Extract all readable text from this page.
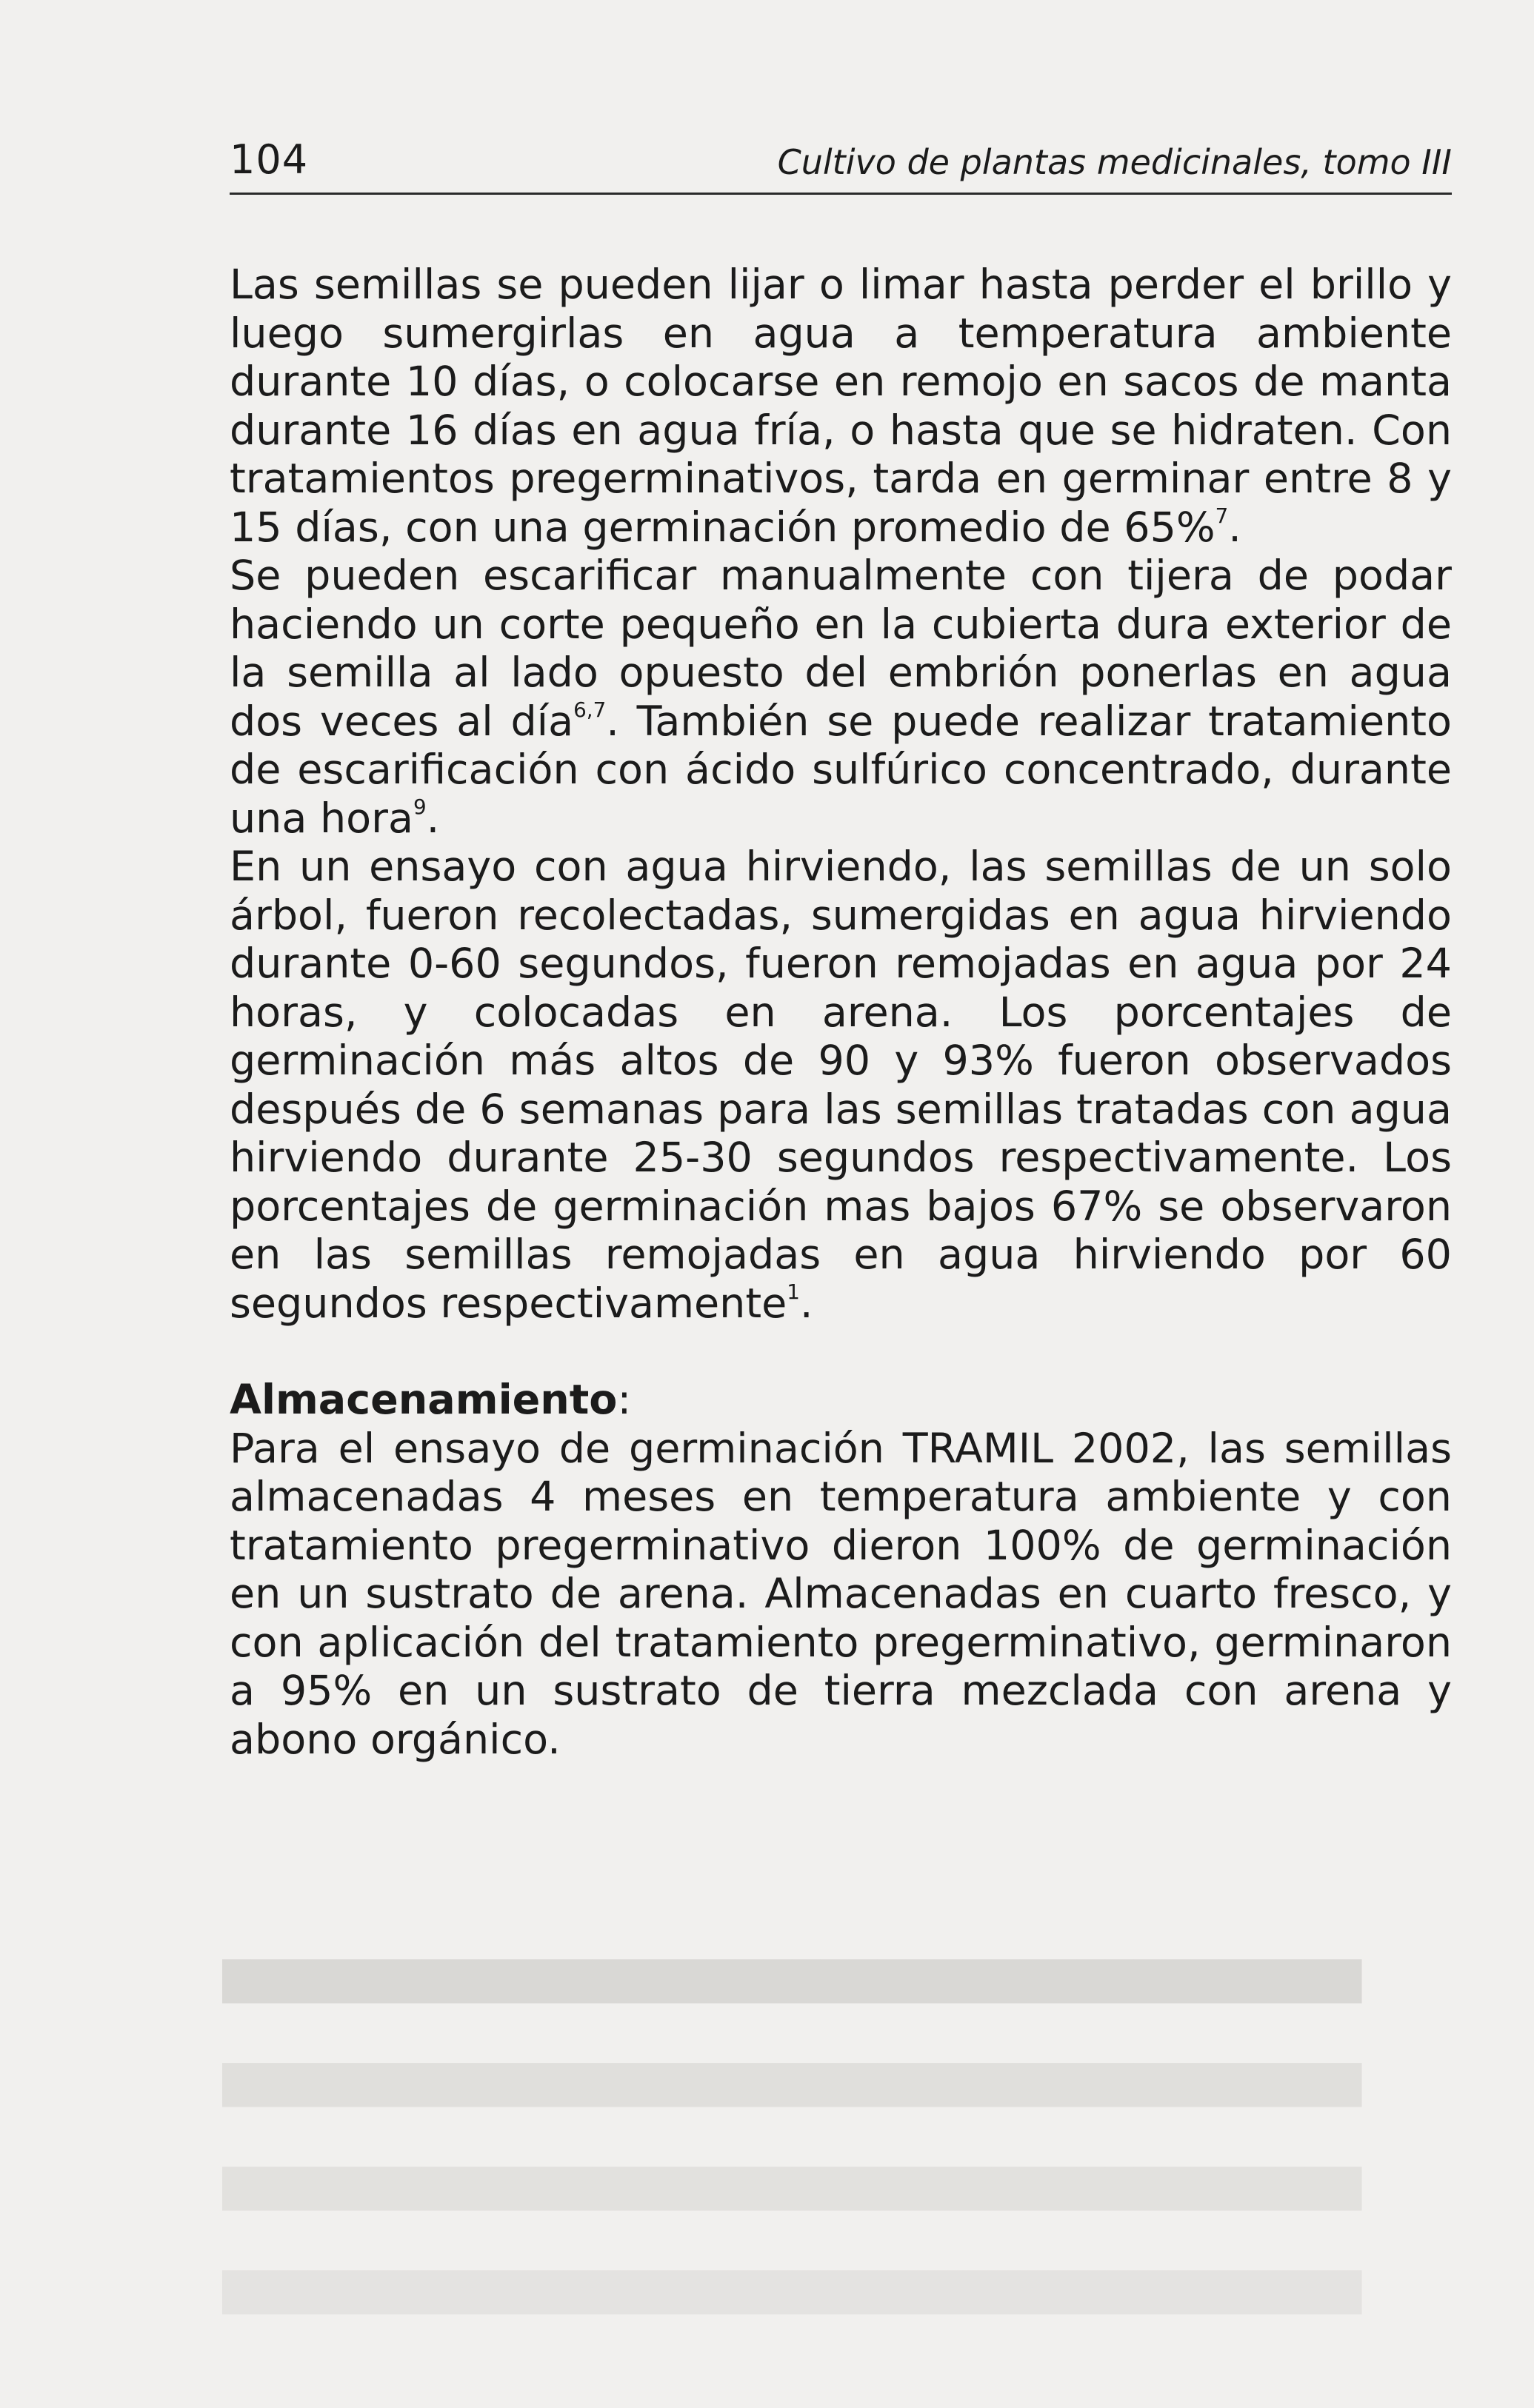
████████████████████████████████████████
████████████████████████████████████████
████████████████████████████████████████
████████████████████████████████████████
104	Cultivo de plantas medicinales, tomo III

Las semillas se pueden lijar o limar hasta perder el brillo y luego sumergirlas en agua a temperatura ambiente durante 10 días, o colocarse en remojo en sacos de manta durante 16 días en agua fría, o hasta que se hidraten. Con tratamientos pregerminativos, tarda en germinar entre 8 y 15 días, con una germinación promedio de 65%$^7$.

Se pueden escarificar manualmente con tijera de podar haciendo un corte pequeño en la cubierta dura exterior de la semilla al lado opuesto del embrión ponerlas en agua dos veces al día$^{6,7}$. También se puede realizar tratamiento de escarificación con ácido sulfúrico concentrado, durante una hora$^9$.

En un ensayo con agua hirviendo, las semillas de un solo árbol, fueron recolectadas, sumergidas en agua hirviendo durante 0-60 segundos, fueron remojadas en agua por 24 horas, y colocadas en arena. Los porcentajes de germinación más altos de 90 y 93% fueron observados después de 6 semanas para las semillas tratadas con agua hirviendo durante 25-30 segundos respectivamente. Los porcentajes de germinación mas bajos 67% se observaron en las semillas remojadas en agua hirviendo por 60 segundos respectivamente$^1$.

Almacenamiento:

Para el ensayo de germinación TRAMIL 2002, las semillas almacenadas 4 meses en temperatura ambiente y con tratamiento pregerminativo dieron 100% de germinación en un sustrato de arena. Almacenadas en cuarto fresco, y con aplicación del tratamiento pregerminativo, germinaron a 95% en un sustrato de tierra mezclada con arena y abono orgánico.
